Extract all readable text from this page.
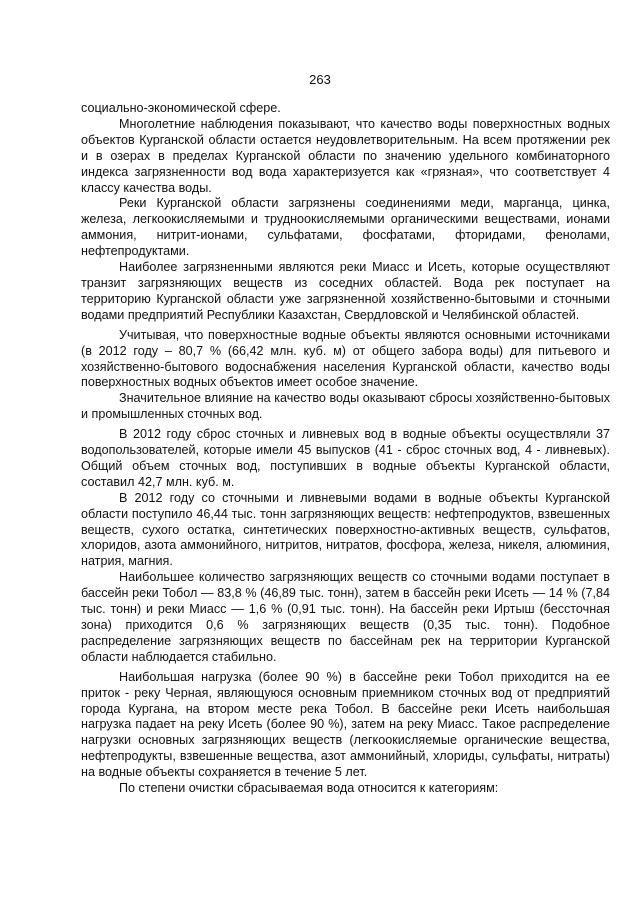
263

социально-экономической сфере.

Многолетние наблюдения показывают, что качество воды поверхностных водных объектов Курганской области остается неудовлетворительным. На всем протяжении рек и в озерах в пределах Курганской области по значению удельного комбинаторного индекса загрязненности вод вода характеризуется как «грязная», что соответствует 4 классу качества воды.

Реки Курганской области загрязнены соединениями меди, марганца, цинка, железа, легкоокисляемыми и трудноокисляемыми органическими веществами, ионами аммония, нитрит-ионами, сульфатами, фосфатами, фторидами, фенолами, нефтепродуктами.

Наиболее загрязненными являются реки Миасс и Исеть, которые осуществляют транзит загрязняющих веществ из соседних областей. Вода рек поступает на территорию Курганской области уже загрязненной хозяйственно-бытовыми и сточными водами предприятий Республики Казахстан, Свердловской и Челябинской областей.

Учитывая, что поверхностные водные объекты являются основными источниками (в 2012 году – 80,7 % (66,42 млн. куб. м) от общего забора воды) для питьевого и хозяйственно-бытового водоснабжения населения Курганской области, качество воды поверхностных водных объектов имеет особое значение.

Значительное влияние на качество воды оказывают сбросы хозяйственно-бытовых и промышленных сточных вод.

В 2012 году сброс сточных и ливневых вод в водные объекты осуществляли 37 водопользователей, которые имели 45 выпусков (41 - сброс сточных вод, 4 - ливневых). Общий объем сточных вод, поступивших в водные объекты Курганской области, составил 42,7 млн. куб. м.

В 2012 году со сточными и ливневыми водами в водные объекты Курганской области поступило 46,44 тыс. тонн загрязняющих веществ: нефтепродуктов, взвешенных веществ, сухого остатка, синтетических поверхностно-активных веществ, сульфатов, хлоридов, азота аммонийного, нитритов, нитратов, фосфора, железа, никеля, алюминия, натрия, магния.

Наибольшее количество загрязняющих веществ со сточными водами поступает в бассейн реки Тобол — 83,8 % (46,89 тыс. тонн), затем в бассейн реки Исеть — 14 % (7,84 тыс. тонн) и реки Миасс — 1,6 % (0,91 тыс. тонн). На бассейн реки Иртыш (бессточная зона) приходится 0,6 % загрязняющих веществ (0,35 тыс. тонн). Подобное распределение загрязняющих веществ по бассейнам рек на территории Курганской области наблюдается стабильно.

Наибольшая нагрузка (более 90 %) в бассейне реки Тобол приходится на ее приток - реку Черная, являющуюся основным приемником сточных вод от предприятий города Кургана, на втором месте река Тобол. В бассейне реки Исеть наибольшая нагрузка падает на реку Исеть (более 90 %), затем на реку Миасс. Такое распределение нагрузки основных загрязняющих веществ (легкоокисляемые органические вещества, нефтепродукты, взвешенные вещества, азот аммонийный, хлориды, сульфаты, нитраты) на водные объекты сохраняется в течение 5 лет.

По степени очистки сбрасываемая вода относится к категориям:
